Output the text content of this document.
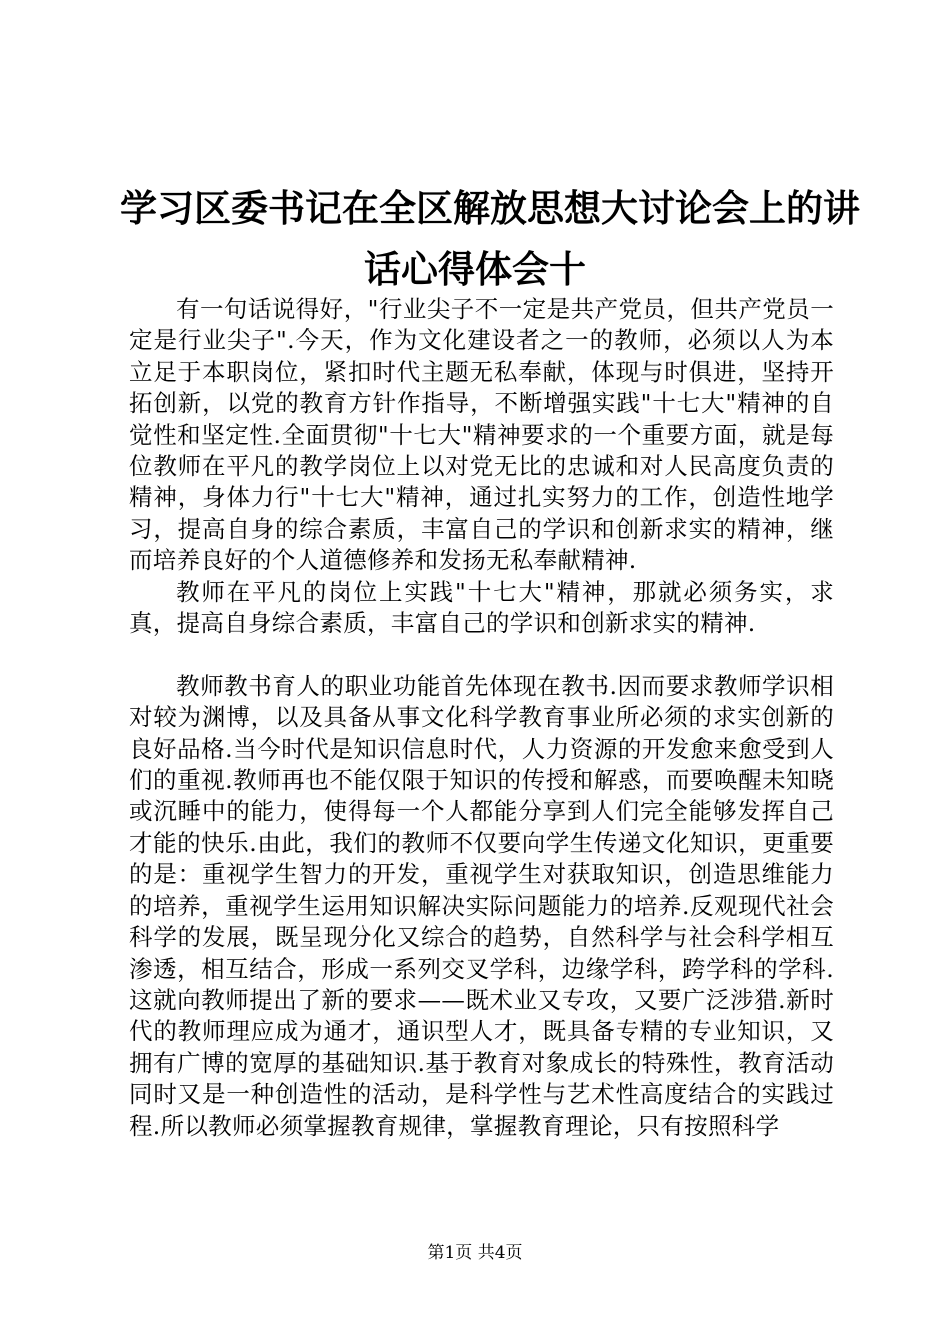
学习区委书记在全区解放思想大讨论会上的讲
话心得体会十

有一句话说得好，"行业尖子不一定是共产党员，但共产党员一定是行业尖子".今天，作为文化建设者之一的教师，必须以人为本立足于本职岗位，紧扣时代主题无私奉献，体现与时俱进，坚持开拓创新，以党的教育方针作指导，不断增强实践"十七大"精神的自觉性和坚定性.全面贯彻"十七大"精神要求的一个重要方面，就是每位教师在平凡的教学岗位上以对党无比的忠诚和对人民高度负责的精神，身体力行"十七大"精神，通过扎实努力的工作，创造性地学习，提高自身的综合素质，丰富自己的学识和创新求实的精神，继而培养良好的个人道德修养和发扬无私奉献精神.

教师在平凡的岗位上实践"十七大"精神，那就必须务实，求真，提高自身综合素质，丰富自己的学识和创新求实的精神.

教师教书育人的职业功能首先体现在教书.因而要求教师学识相对较为渊博，以及具备从事文化科学教育事业所必须的求实创新的良好品格.当今时代是知识信息时代，人力资源的开发愈来愈受到人们的重视.教师再也不能仅限于知识的传授和解惑，而要唤醒未知晓或沉睡中的能力，使得每一个人都能分享到人们完全能够发挥自己才能的快乐.由此，我们的教师不仅要向学生传递文化知识，更重要的是：重视学生智力的开发，重视学生对获取知识，创造思维能力的培养，重视学生运用知识解决实际问题能力的培养.反观现代社会科学的发展，既呈现分化又综合的趋势，自然科学与社会科学相互渗透，相互结合，形成一系列交叉学科，边缘学科，跨学科的学科.这就向教师提出了新的要求——既术业又专攻，又要广泛涉猎.新时代的教师理应成为通才，通识型人才，既具备专精的专业知识，又拥有广博的宽厚的基础知识.基于教育对象成长的特殊性，教育活动同时又是一种创造性的活动，是科学性与艺术性高度结合的实践过程.所以教师必须掌握教育规律，掌握教育理论，只有按照科学

第1页 共4页
